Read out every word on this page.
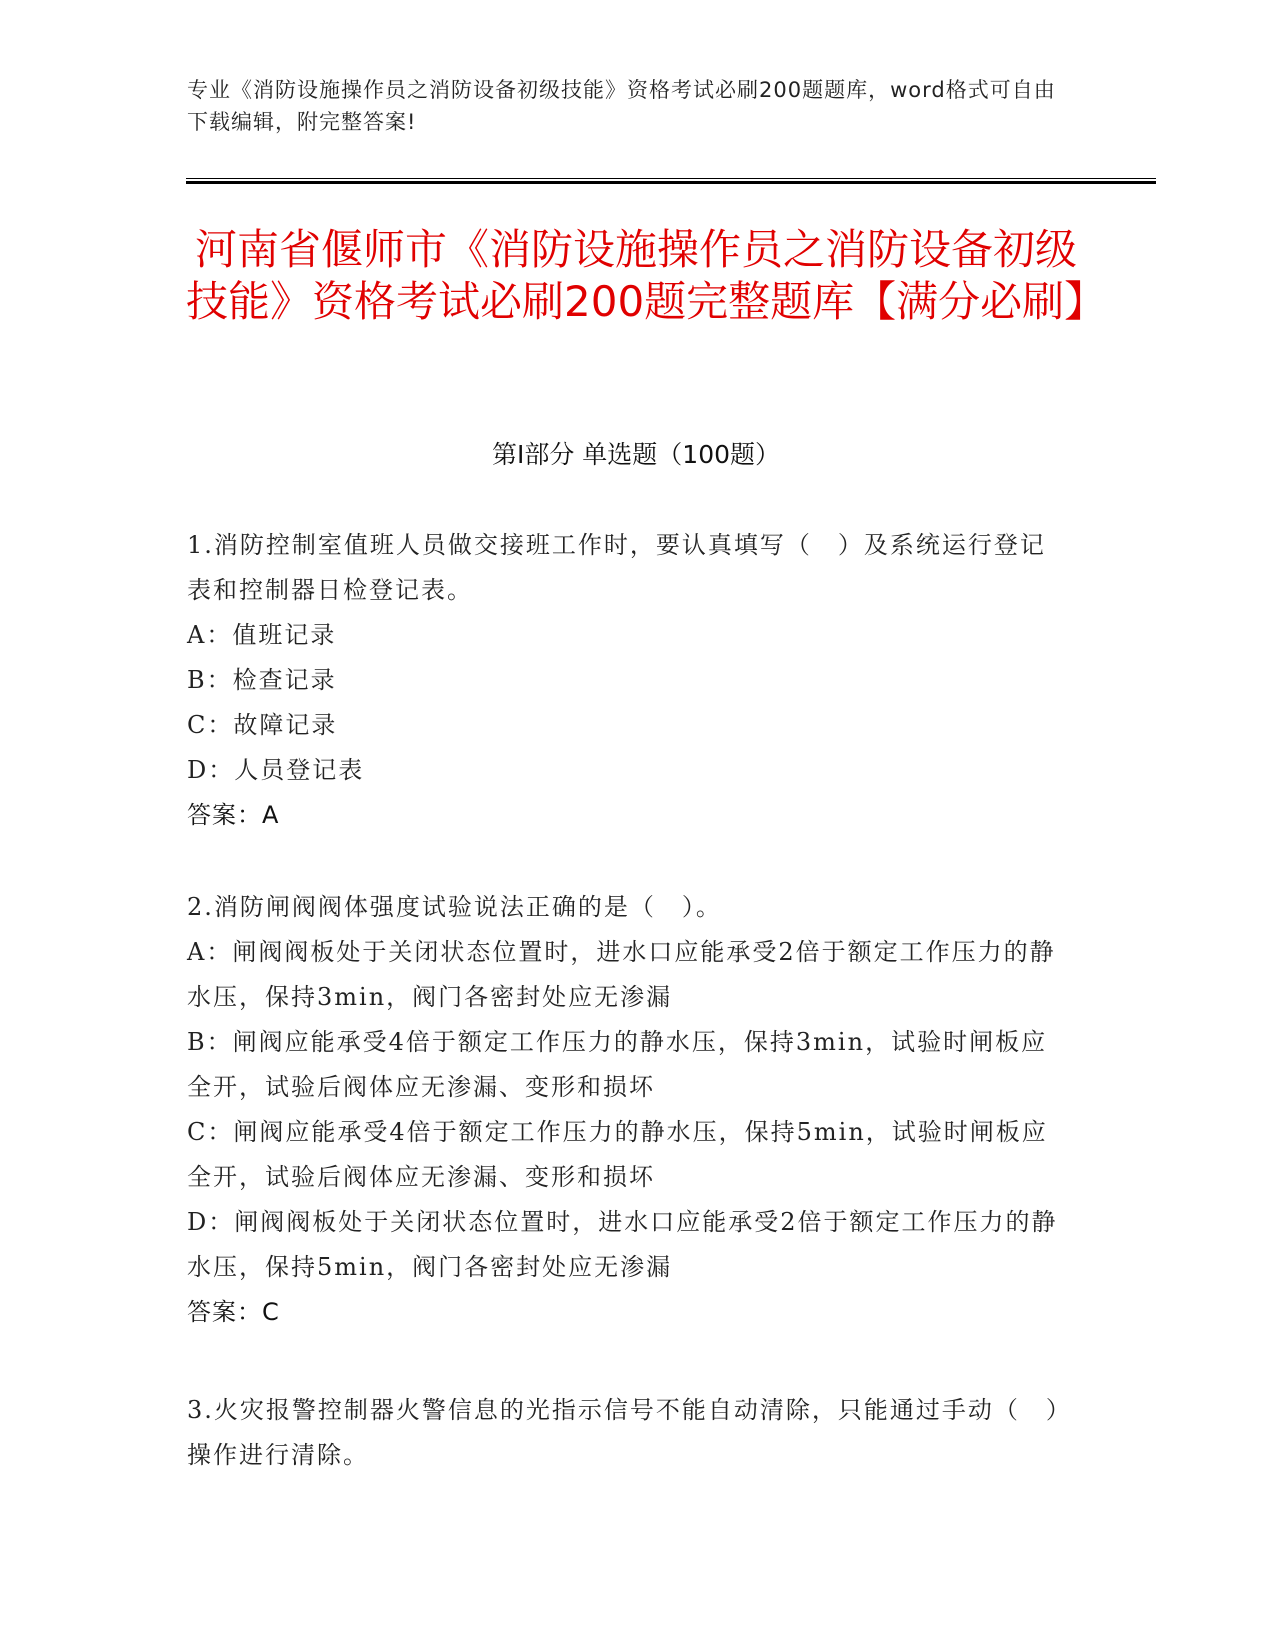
专业《消防设施操作员之消防设备初级技能》资格考试必刷200题题库，word格式可自由下载编辑，附完整答案!
河南省偃师市《消防设施操作员之消防设备初级技能》资格考试必刷200题完整题库【满分必刷】
第I部分 单选题（100题）
1.消防控制室值班人员做交接班工作时，要认真填写（　）及系统运行登记表和控制器日检登记表。
A：值班记录
B：检查记录
C：故障记录
D：人员登记表
答案：A
2.消防闸阀阀体强度试验说法正确的是（　）。
A：闸阀阀板处于关闭状态位置时，进水口应能承受2倍于额定工作压力的静水压，保持3min，阀门各密封处应无渗漏
B：闸阀应能承受4倍于额定工作压力的静水压，保持3min，试验时闸板应全开，试验后阀体应无渗漏、变形和损坏
C：闸阀应能承受4倍于额定工作压力的静水压，保持5min，试验时闸板应全开，试验后阀体应无渗漏、变形和损坏
D：闸阀阀板处于关闭状态位置时，进水口应能承受2倍于额定工作压力的静水压，保持5min，阀门各密封处应无渗漏
答案：C
3.火灾报警控制器火警信息的光指示信号不能自动清除，只能通过手动（　）操作进行清除。
